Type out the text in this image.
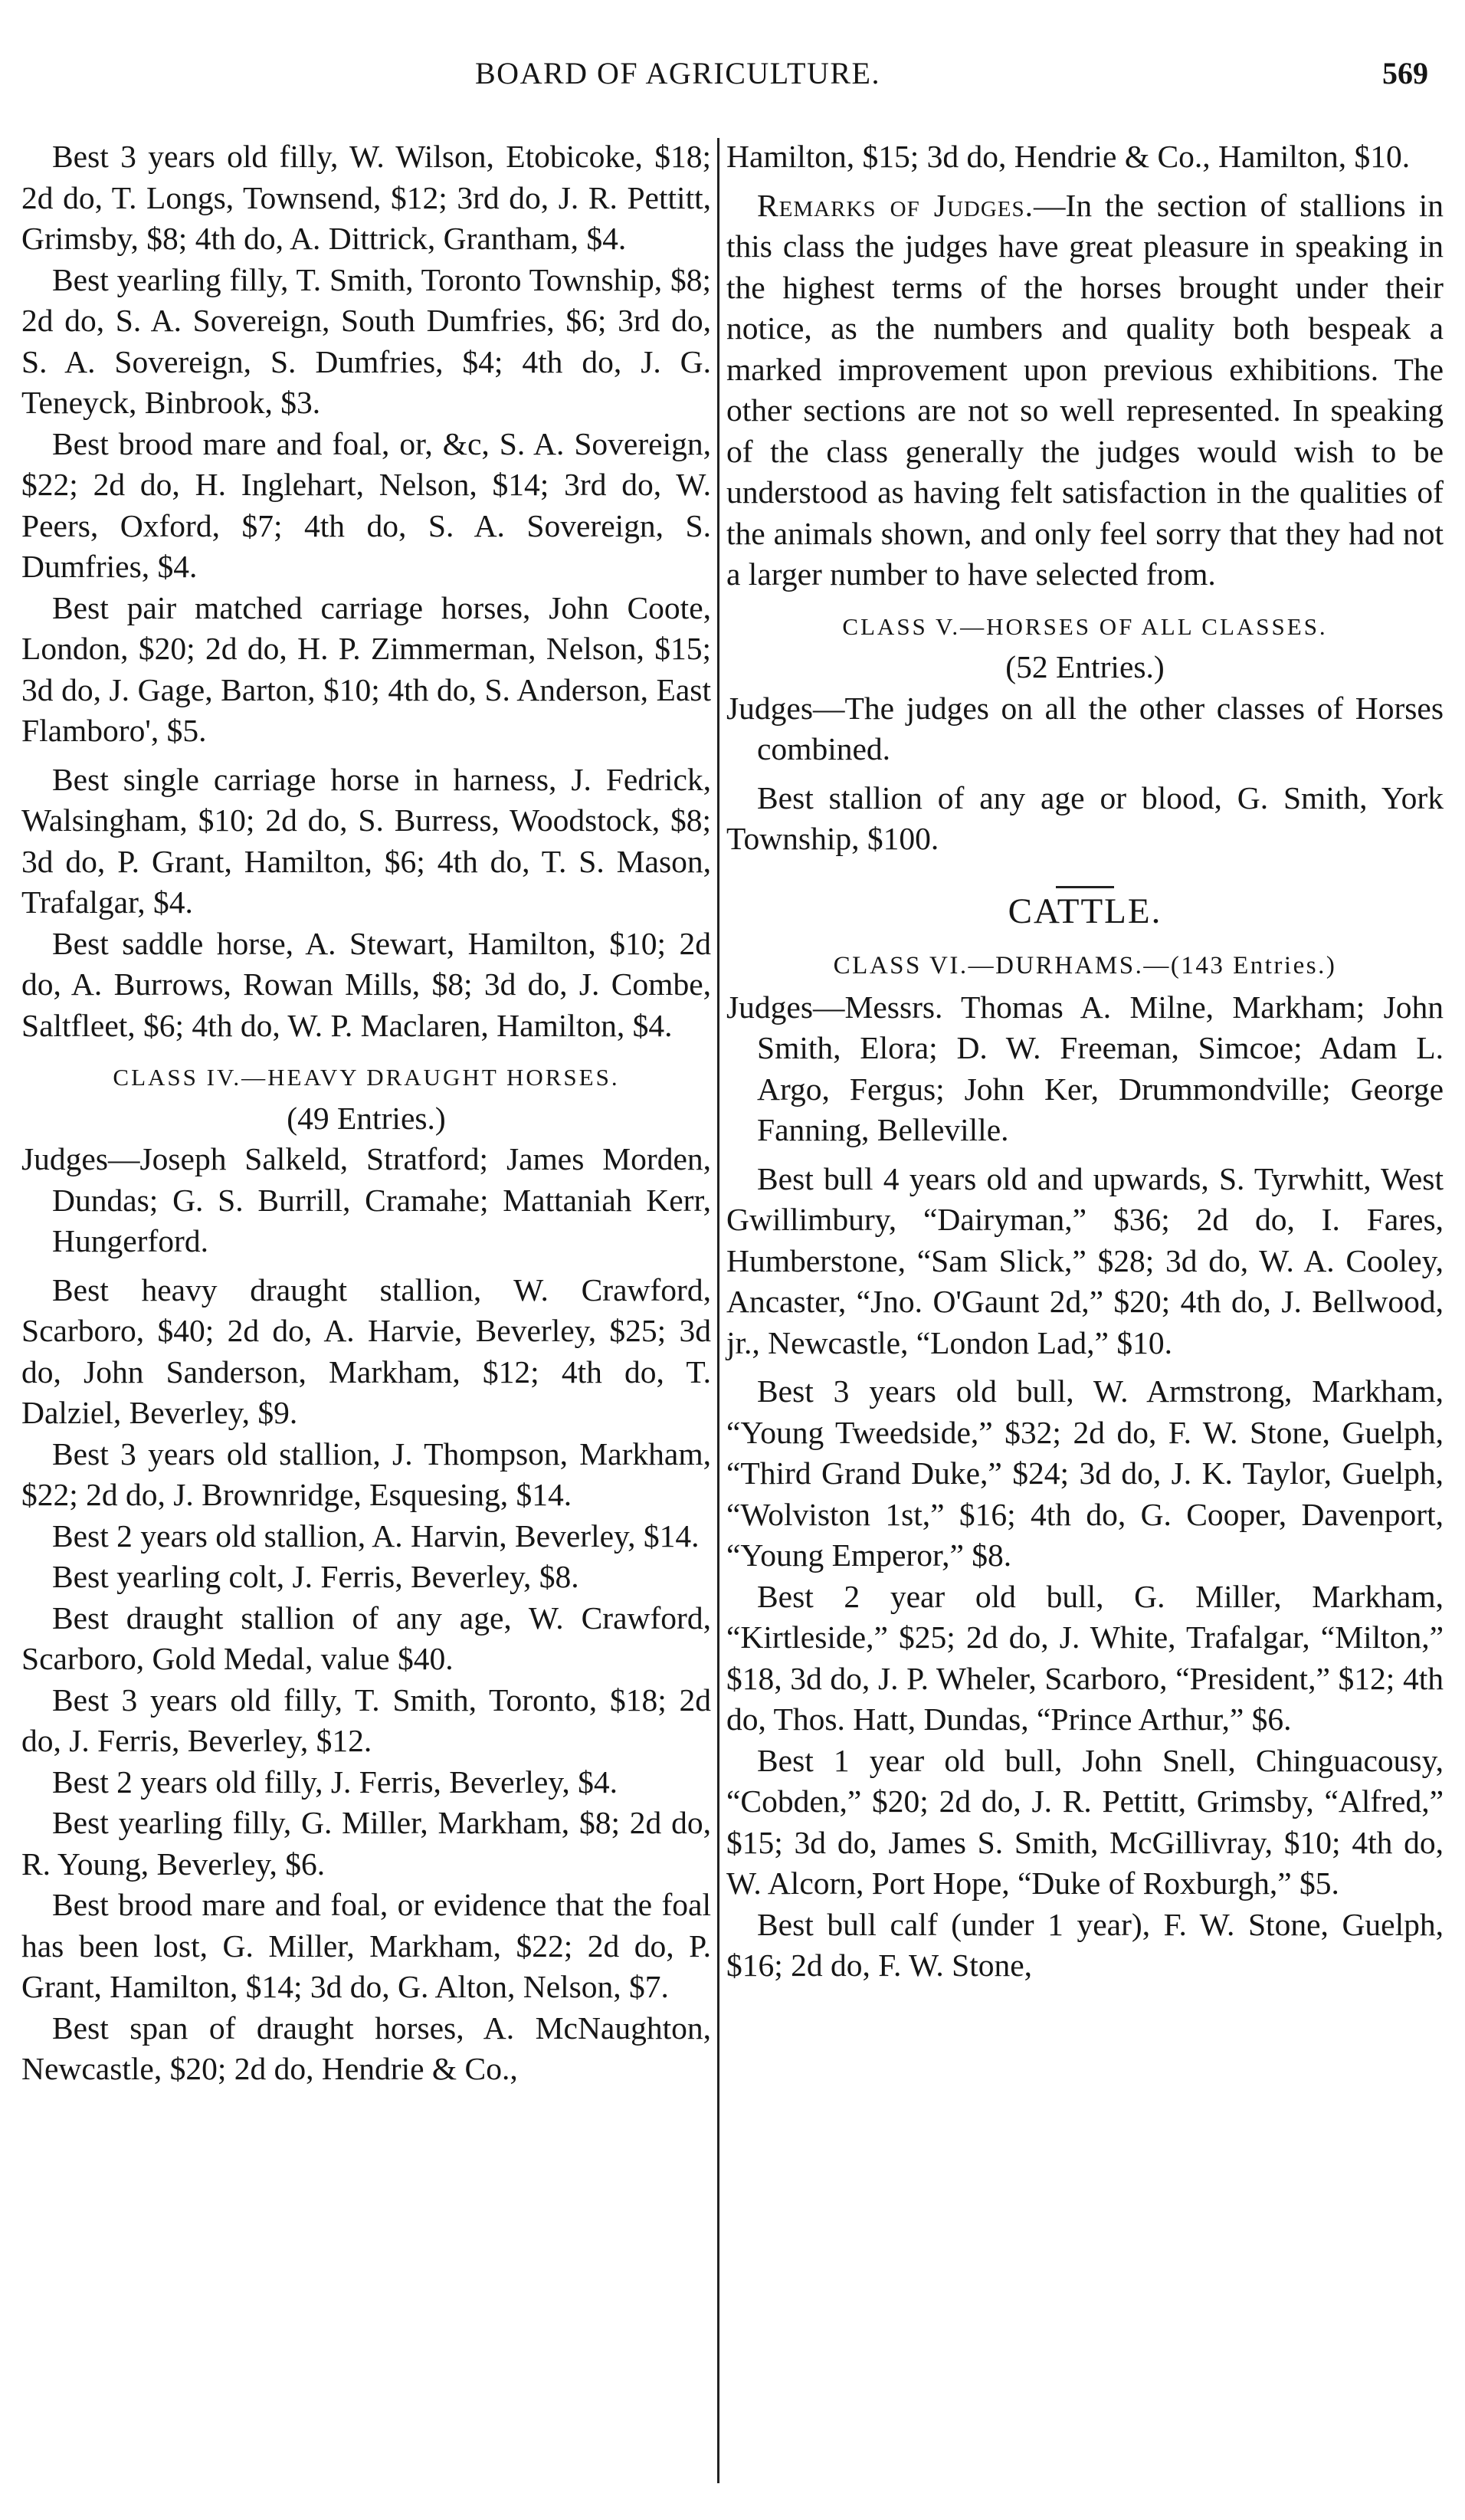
BOARD OF AGRICULTURE.	569

Best 3 years old filly, W. Wilson, Etobicoke, $18; 2d do, T. Longs, Townsend, $12; 3rd do, J. R. Pettitt, Grimsby, $8; 4th do, A. Dittrick, Grantham, $4.

Best yearling filly, T. Smith, Toronto Township, $8; 2d do, S. A. Sovereign, South Dumfries, $6; 3rd do, S. A. Sovereign, S. Dumfries, $4; 4th do, J. G. Teneyck, Binbrook, $3.

Best brood mare and foal, or, &c, S. A. Sovereign, $22; 2d do, H. Inglehart, Nelson, $14; 3rd do, W. Peers, Oxford, $7; 4th do, S. A. Sovereign, S. Dumfries, $4.

Best pair matched carriage horses, John Coote, London, $20; 2d do, H. P. Zimmerman, Nelson, $15; 3d do, J. Gage, Barton, $10; 4th do, S. Anderson, East Flamboro', $5.

Best single carriage horse in harness, J. Fedrick, Walsingham, $10; 2d do, S. Burress, Woodstock, $8; 3d do, P. Grant, Hamilton, $6; 4th do, T. S. Mason, Trafalgar, $4.

Best saddle horse, A. Stewart, Hamilton, $10; 2d do, A. Burrows, Rowan Mills, $8; 3d do, J. Combe, Saltfleet, $6; 4th do, W. P. Maclaren, Hamilton, $4.

CLASS IV.—HEAVY DRAUGHT HORSES.

(49 Entries.)

Judges—Joseph Salkeld, Stratford; James Morden, Dundas; G. S. Burrill, Cramahe; Mattaniah Kerr, Hungerford.

Best heavy draught stallion, W. Crawford, Scarboro, $40; 2d do, A. Harvie, Beverley, $25; 3d do, John Sanderson, Markham, $12; 4th do, T. Dalziel, Beverley, $9.

Best 3 years old stallion, J. Thompson, Markham, $22; 2d do, J. Brownridge, Esquesing, $14.

Best 2 years old stallion, A. Harvin, Beverley, $14.

Best yearling colt, J. Ferris, Beverley, $8.

Best draught stallion of any age, W. Crawford, Scarboro, Gold Medal, value $40.

Best 3 years old filly, T. Smith, Toronto, $18; 2d do, J. Ferris, Beverley, $12.

Best 2 years old filly, J. Ferris, Beverley, $4.

Best yearling filly, G. Miller, Markham, $8; 2d do, R. Young, Beverley, $6.

Best brood mare and foal, or evidence that the foal has been lost, G. Miller, Markham, $22; 2d do, P. Grant, Hamilton, $14; 3d do, G. Alton, Nelson, $7.

Best span of draught horses, A. McNaughton, Newcastle, $20; 2d do, Hendrie & Co.,

Hamilton, $15; 3d do, Hendrie & Co., Hamilton, $10.

Remarks of Judges.—In the section of stallions in this class the judges have great pleasure in speaking in the highest terms of the horses brought under their notice, as the numbers and quality both bespeak a marked improvement upon previous exhibitions. The other sections are not so well represented. In speaking of the class generally the judges would wish to be understood as having felt satisfaction in the qualities of the animals shown, and only feel sorry that they had not a larger number to have selected from.

CLASS V.—HORSES OF ALL CLASSES.

(52 Entries.)

Judges—The judges on all the other classes of Horses combined.

Best stallion of any age or blood, G. Smith, York Township, $100.

CATTLE.

CLASS VI.—DURHAMS.—(143 Entries.)

Judges—Messrs. Thomas A. Milne, Markham; John Smith, Elora; D. W. Freeman, Simcoe; Adam L. Argo, Fergus; John Ker, Drummondville; George Fanning, Belleville.

Best bull 4 years old and upwards, S. Tyrwhitt, West Gwillimbury, “Dairyman,” $36; 2d do, I. Fares, Humberstone, “Sam Slick,” $28; 3d do, W. A. Cooley, Ancaster, “Jno. O'Gaunt 2d,” $20; 4th do, J. Bellwood, jr., Newcastle, “London Lad,” $10.

Best 3 years old bull, W. Armstrong, Markham, “Young Tweedside,” $32; 2d do, F. W. Stone, Guelph, “Third Grand Duke,” $24; 3d do, J. K. Taylor, Guelph, “Wolviston 1st,” $16; 4th do, G. Cooper, Davenport, “Young Emperor,” $8.

Best 2 year old bull, G. Miller, Markham, “Kirtleside,” $25; 2d do, J. White, Trafalgar, “Milton,” $18, 3d do, J. P. Wheler, Scarboro, “President,” $12; 4th do, Thos. Hatt, Dundas, “Prince Arthur,” $6.

Best 1 year old bull, John Snell, Chinguacousy, “Cobden,” $20; 2d do, J. R. Pettitt, Grimsby, “Alfred,” $15; 3d do, James S. Smith, McGillivray, $10; 4th do, W. Alcorn, Port Hope, “Duke of Roxburgh,” $5.

Best bull calf (under 1 year), F. W. Stone, Guelph, $16; 2d do, F. W. Stone,
